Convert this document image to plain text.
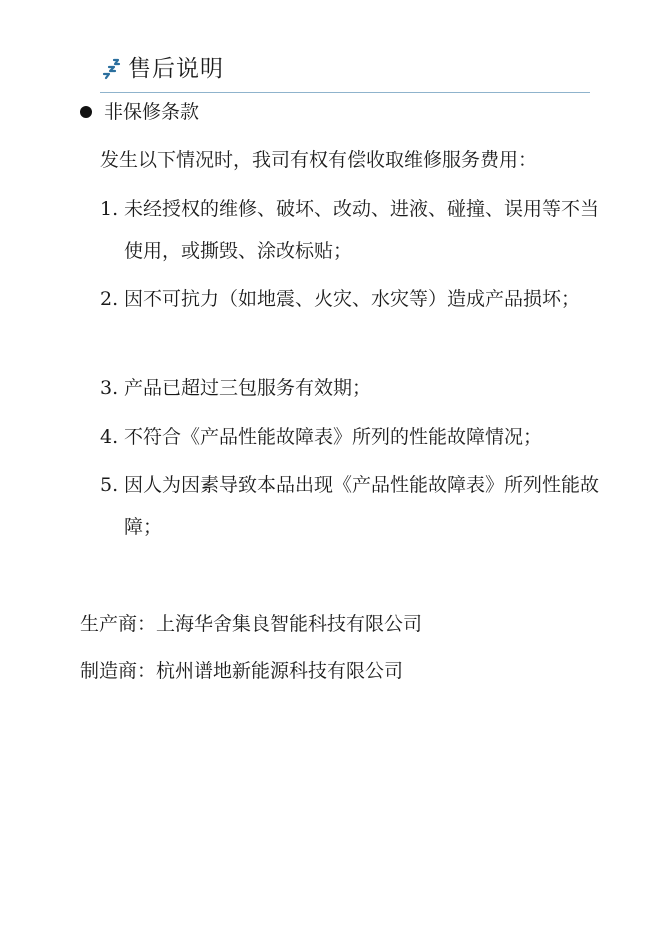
售后说明
非保修条款
发生以下情况时，我司有权有偿收取维修服务费用：
1. 未经授权的维修、破坏、改动、进液、碰撞、误用等不当使用，或撕毁、涂改标贴；
2. 因不可抗力（如地震、火灾、水灾等）造成产品损坏；
3. 产品已超过三包服务有效期；
4. 不符合《产品性能故障表》所列的性能故障情况；
5. 因人为因素导致本品出现《产品性能故障表》所列性能故障；
生产商：上海华舍集良智能科技有限公司
制造商：杭州谱地新能源科技有限公司
